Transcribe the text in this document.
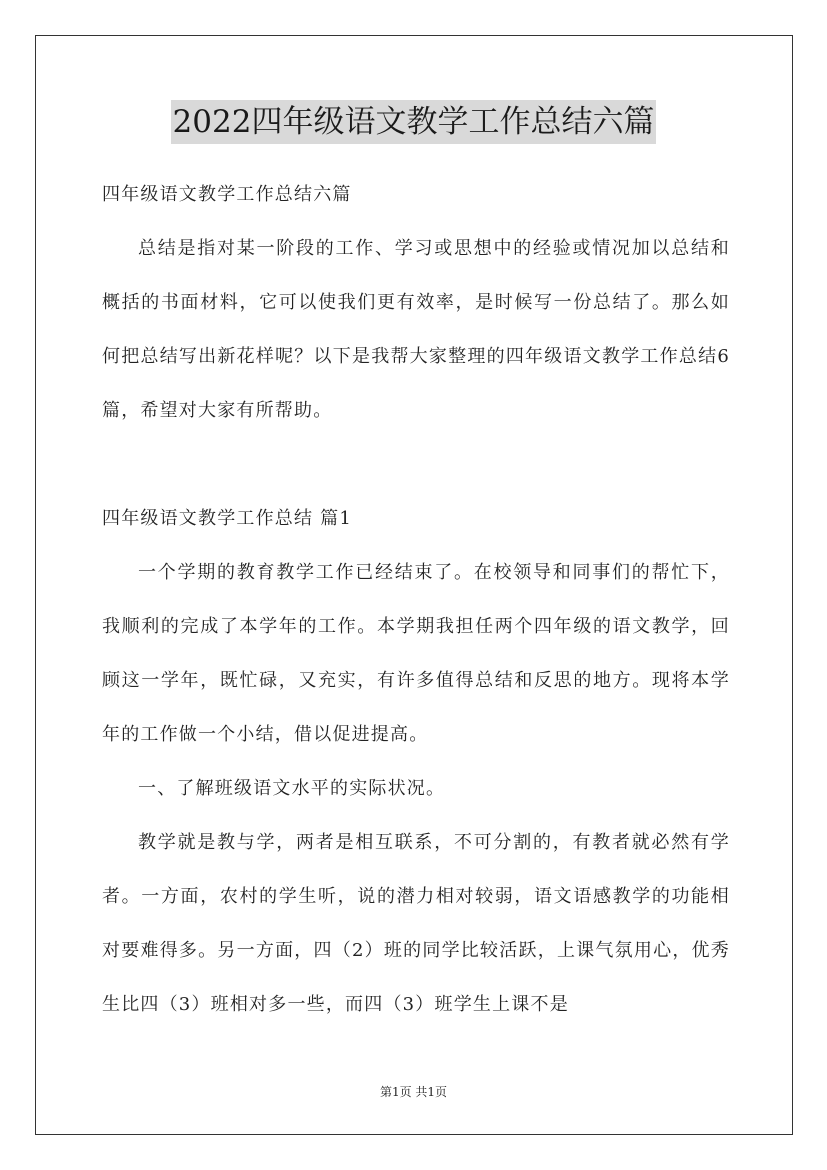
2022四年级语文教学工作总结六篇

四年级语文教学工作总结六篇

总结是指对某一阶段的工作、学习或思想中的经验或情况加以总结和概括的书面材料，它可以使我们更有效率，是时候写一份总结了。那么如何把总结写出新花样呢？以下是我帮大家整理的四年级语文教学工作总结6篇，希望对大家有所帮助。

四年级语文教学工作总结 篇1

一个学期的教育教学工作已经结束了。在校领导和同事们的帮忙下，我顺利的完成了本学年的工作。本学期我担任两个四年级的语文教学，回顾这一学年，既忙碌，又充实，有许多值得总结和反思的地方。现将本学年的工作做一个小结，借以促进提高。

一、了解班级语文水平的实际状况。

教学就是教与学，两者是相互联系，不可分割的，有教者就必然有学者。一方面，农村的学生听，说的潜力相对较弱，语文语感教学的功能相对要难得多。另一方面，四（2）班的同学比较活跃，上课气氛用心，优秀生比四（3）班相对多一些，而四（3）班学生上课不是

第1页 共1页
